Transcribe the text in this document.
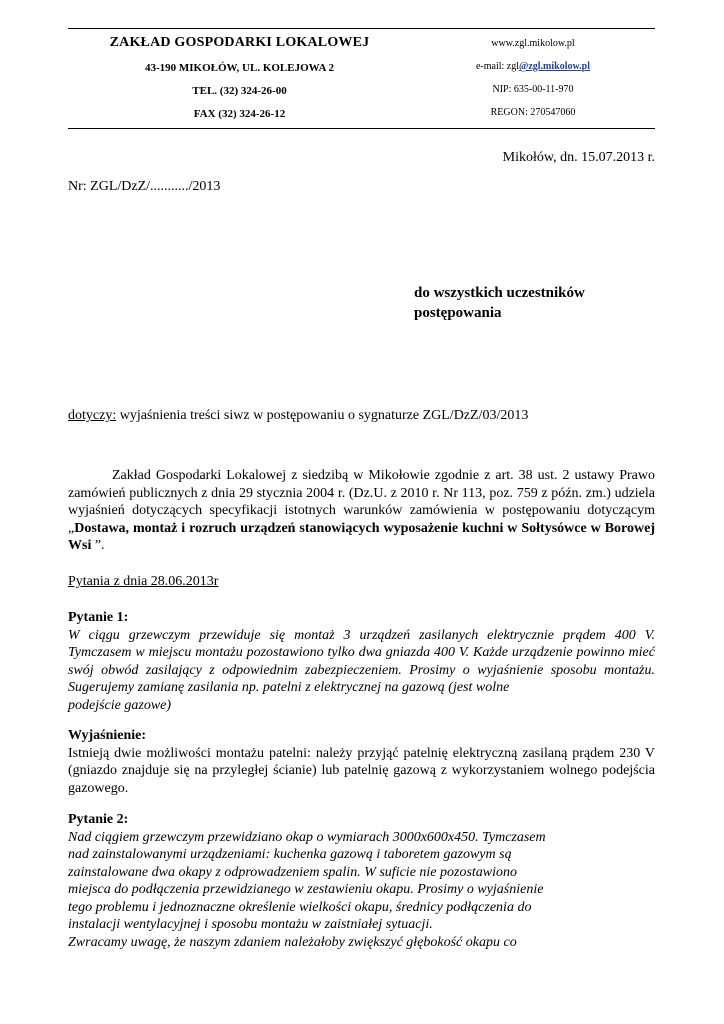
ZAKŁAD GOSPODARKI LOKALOWEJ
43-190 MIKOŁÓW, UL. KOLEJOWA 2
TEL. (32) 324-26-00
FAX (32) 324-26-12
www.zgl.mikolow.pl
e-mail: zgl@zgl.mikolow.pl
NIP: 635-00-11-970
REGON: 270547060
Mikołów, dn. 15.07.2013 r.
Nr: ZGL/DzZ/.........../2013
do wszystkich uczestników
postępowania
dotyczy: wyjaśnienia treści siwz w postępowaniu o sygnaturze ZGL/DzZ/03/2013
Zakład Gospodarki Lokalowej z siedzibą w Mikołowie zgodnie z art. 38 ust. 2 ustawy Prawo zamówień publicznych z dnia 29 stycznia 2004 r. (Dz.U. z 2010 r. Nr 113, poz. 759 z późn. zm.) udziela wyjaśnień dotyczących specyfikacji istotnych warunków zamówienia w postępowaniu dotyczącym „Dostawa, montaż i rozruch urządzeń stanowiących wyposażenie kuchni w Sołtysówce w Borowej Wsi ”.
Pytania z dnia 28.06.2013r
Pytanie 1:
W ciągu grzewczym przewiduje się montaż 3 urządzeń zasilanych elektrycznie prądem 400 V. Tymczasem w miejscu montażu pozostawiono tylko dwa gniazda 400 V. Każde urządzenie powinno mieć swój obwód zasilający z odpowiednim zabezpieczeniem. Prosimy o wyjaśnienie sposobu montażu. Sugerujemy zamianę zasilania np. patelni z elektrycznej na gazową (jest wolne
podejście gazowe)
Wyjaśnienie:
Istnieją dwie możliwości montażu patelni: należy przyjąć patelnię elektryczną zasilaną prądem 230 V (gniazdo znajduje się na przyległej ścianie) lub patelnię gazową z wykorzystaniem wolnego podejścia gazowego.
Pytanie 2:
Nad ciągiem grzewczym przewidziano okap o wymiarach 3000x600x450. Tymczasem
nad zainstalowanymi urządzeniami: kuchenka gazową i taboretem gazowym są
zainstalowane dwa okapy z odprowadzeniem spalin. W suficie nie pozostawiono
miejsca do podłączenia przewidzianego w zestawieniu okapu. Prosimy o wyjaśnienie
tego problemu i jednoznaczne określenie wielkości okapu, średnicy podłączenia do
instalacji wentylacyjnej i sposobu montażu w zaistniałej sytuacji.
Zwracamy uwagę, że naszym zdaniem należałoby zwiększyć głębokość okapu co
